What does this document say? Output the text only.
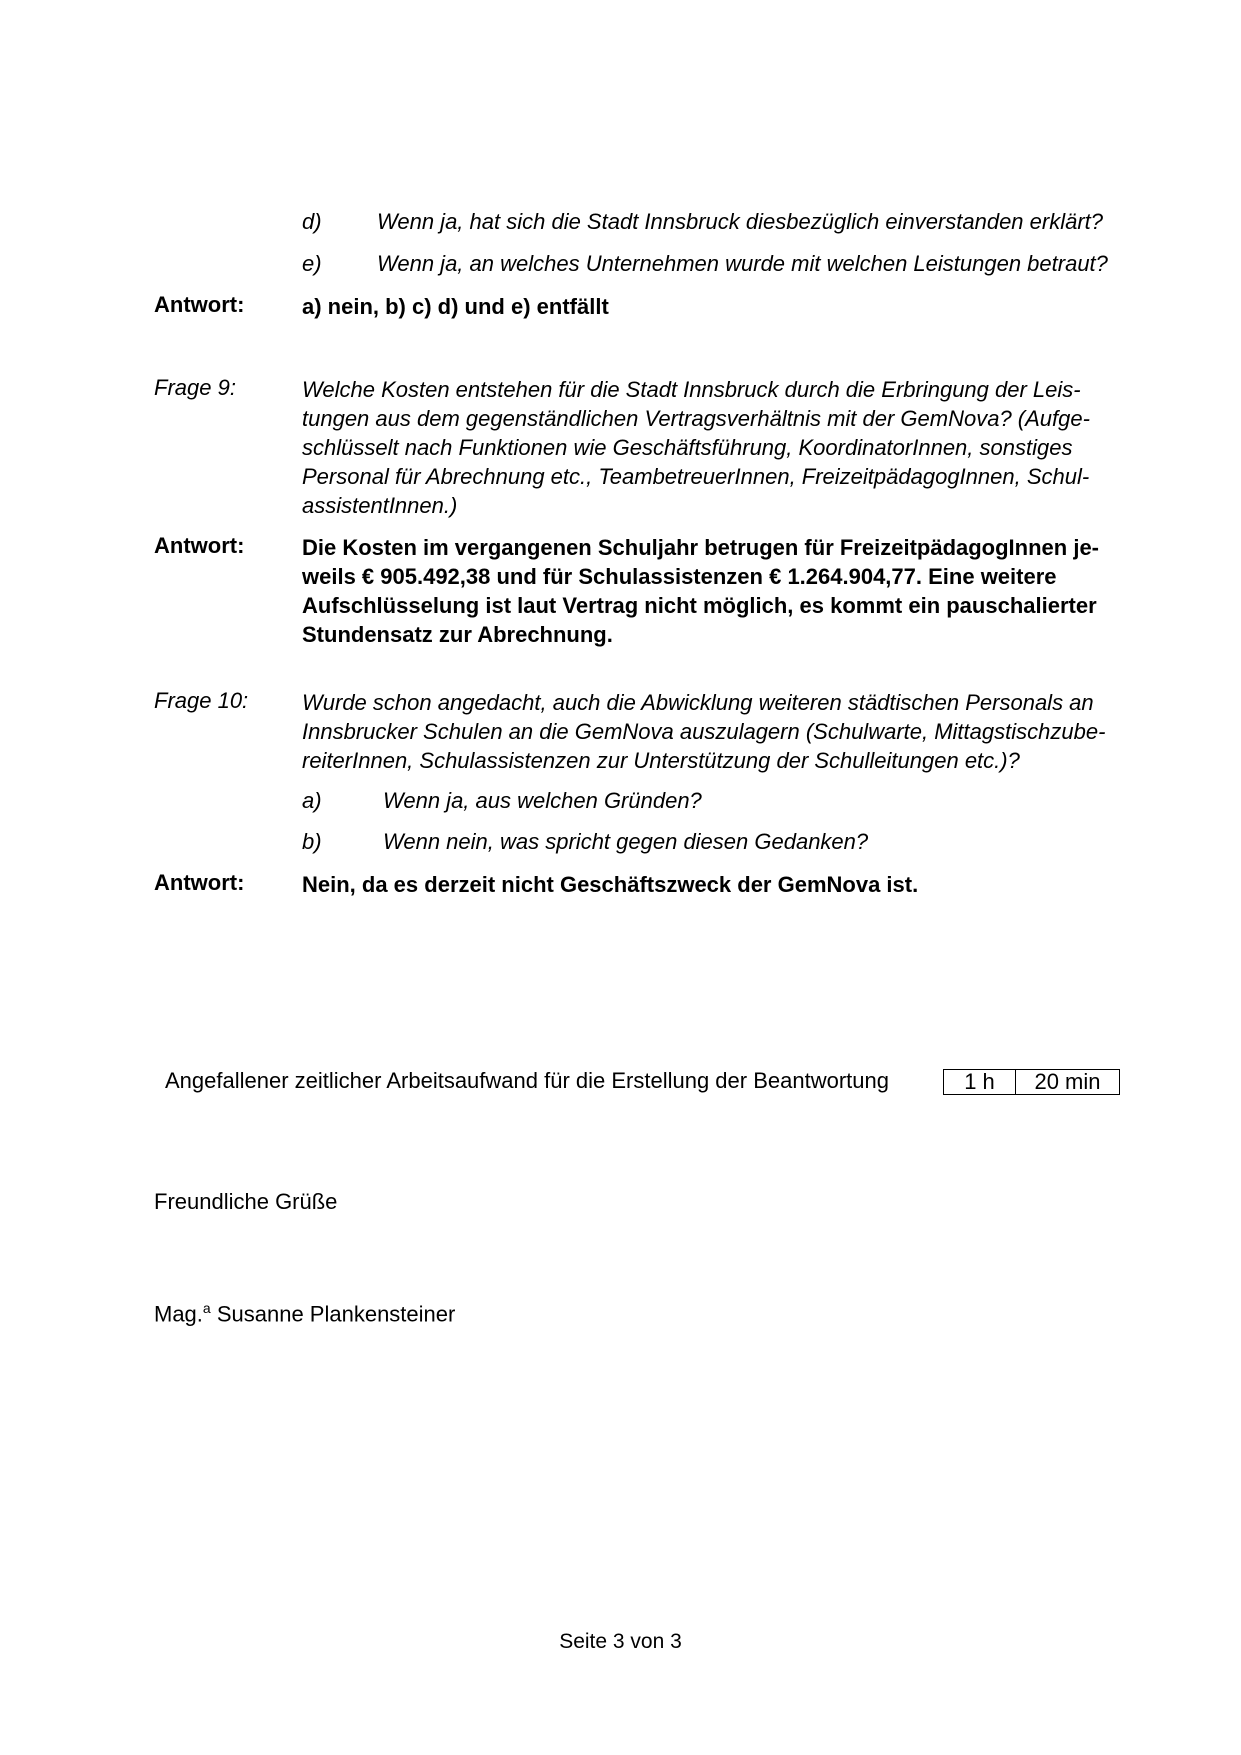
d)	Wenn ja, hat sich die Stadt Innsbruck diesbezüglich einverstanden erklärt?
e)	Wenn ja, an welches Unternehmen wurde mit welchen Leistungen betraut?
Antwort:	a) nein, b) c) d) und e) entfällt
Frage 9:	Welche Kosten entstehen für die Stadt Innsbruck durch die Erbringung der Leis-
tungen aus dem gegenständlichen Vertragsverhältnis mit der GemNova? (Aufge-
schlüsselt nach Funktionen wie Geschäftsführung, KoordinatorInnen, sonstiges
Personal für Abrechnung etc., TeambetreuerInnen, FreizeitpädagogInnen, Schul-
assistentInnen.)
Antwort:	Die Kosten im vergangenen Schuljahr betrugen für FreizeitpädagogInnen je-
weils € 905.492,38 und für Schulassistenzen € 1.264.904,77. Eine weitere
Aufschlüsselung ist laut Vertrag nicht möglich, es kommt ein pauschalierter
Stundensatz zur Abrechnung.
Frage 10:	Wurde schon angedacht, auch die Abwicklung weiteren städtischen Personals an
Innsbrucker Schulen an die GemNova auszulagern (Schulwarte, Mittagstischzube-
reiterInnen, Schulassistenzen zur Unterstützung der Schulleitungen etc.)?
a)	Wenn ja, aus welchen Gründen?
b)	Wenn nein, was spricht gegen diesen Gedanken?
Antwort:	Nein, da es derzeit nicht Geschäftszweck der GemNova ist.
Angefallener zeitlicher Arbeitsaufwand für die Erstellung der Beantwortung	1 h	20 min
Freundliche Grüße
Mag.$^a$ Susanne Plankensteiner
Seite 3 von 3
